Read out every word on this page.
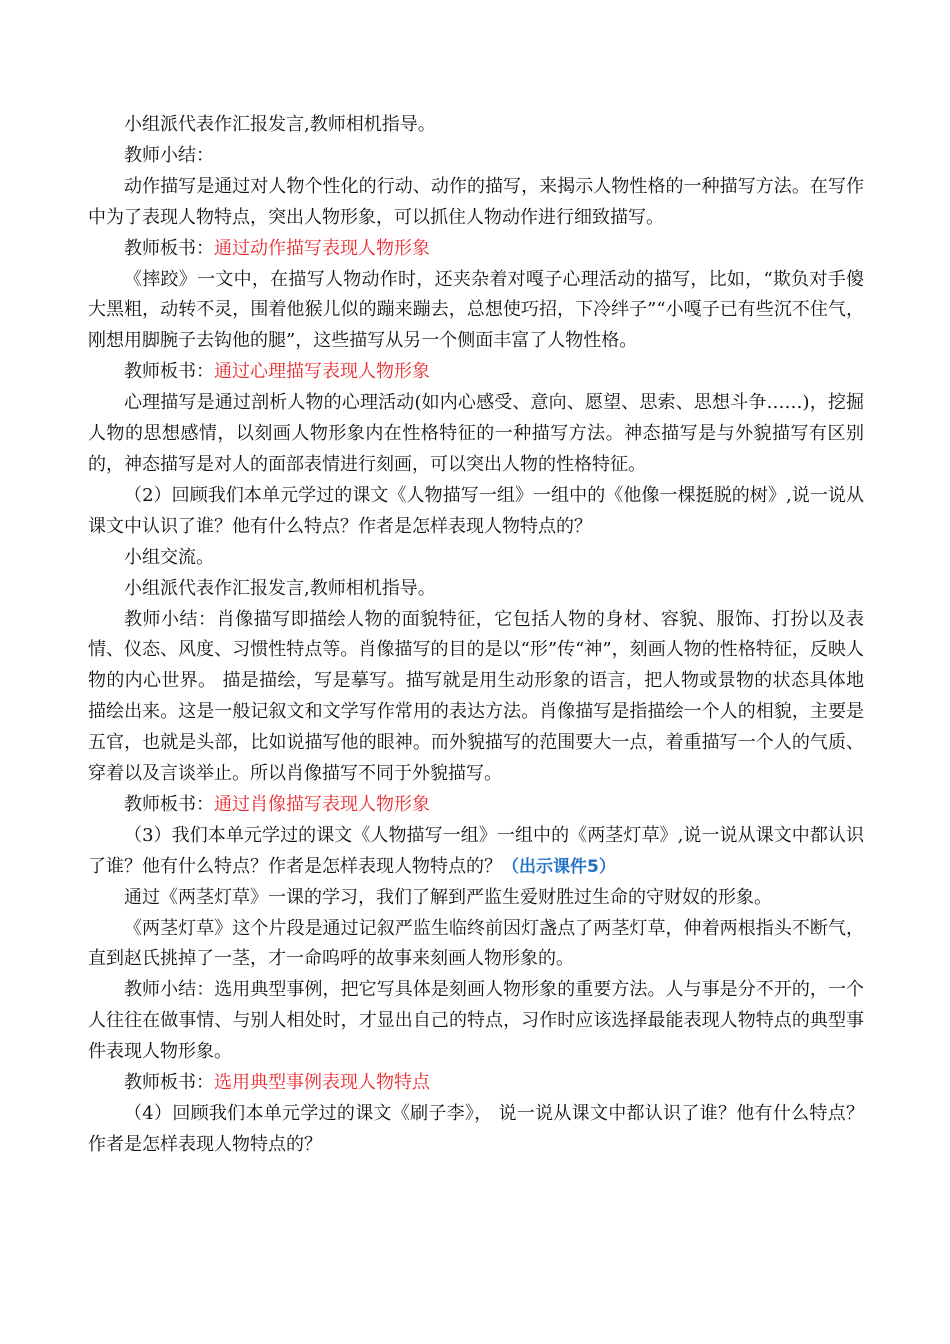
小组派代表作汇报发言,教师相机指导。

教师小结：

动作描写是通过对人物个性化的行动、动作的描写，来揭示人物性格的一种描写方法。在写作中为了表现人物特点，突出人物形象，可以抓住人物动作进行细致描写。

教师板书：通过动作描写表现人物形象

《摔跤》一文中，在描写人物动作时，还夹杂着对嘎子心理活动的描写，比如，“欺负对手傻大黑粗，动转不灵，围着他猴儿似的蹦来蹦去，总想使巧招，下冷绊子”“小嘎子已有些沉不住气，刚想用脚腕子去钩他的腿”，这些描写从另一个侧面丰富了人物性格。

教师板书：通过心理描写表现人物形象

心理描写是通过剖析人物的心理活动(如内心感受、意向、愿望、思索、思想斗争……)，挖掘人物的思想感情，以刻画人物形象内在性格特征的一种描写方法。神态描写是与外貌描写有区别的，神态描写是对人的面部表情进行刻画，可以突出人物的性格特征。

（2）回顾我们本单元学过的课文《人物描写一组》一组中的《他像一棵挺脱的树》,说一说从课文中认识了谁？他有什么特点？作者是怎样表现人物特点的？

小组交流。

小组派代表作汇报发言,教师相机指导。

教师小结：肖像描写即描绘人物的面貌特征，它包括人物的身材、容貌、服饰、打扮以及表情、仪态、风度、习惯性特点等。肖像描写的目的是以“形”传“神”，刻画人物的性格特征，反映人物的内心世界。 描是描绘，写是摹写。描写就是用生动形象的语言，把人物或景物的状态具体地描绘出来。这是一般记叙文和文学写作常用的表达方法。肖像描写是指描绘一个人的相貌，主要是五官，也就是头部，比如说描写他的眼神。而外貌描写的范围要大一点，着重描写一个人的气质、穿着以及言谈举止。所以肖像描写不同于外貌描写。

教师板书：通过肖像描写表现人物形象

（3）我们本单元学过的课文《人物描写一组》一组中的《两茎灯草》,说一说从课文中都认识了谁？他有什么特点？作者是怎样表现人物特点的？（出示课件5）

通过《两茎灯草》一课的学习，我们了解到严监生爱财胜过生命的守财奴的形象。

《两茎灯草》这个片段是通过记叙严监生临终前因灯盏点了两茎灯草，伸着两根指头不断气，直到赵氏挑掉了一茎，才一命呜呼的故事来刻画人物形象的。

教师小结：选用典型事例，把它写具体是刻画人物形象的重要方法。人与事是分不开的，一个人往往在做事情、与别人相处时，才显出自己的特点，习作时应该选择最能表现人物特点的典型事件表现人物形象。

教师板书：选用典型事例表现人物特点

（4）回顾我们本单元学过的课文《刷子李》， 说一说从课文中都认识了谁？他有什么特点？作者是怎样表现人物特点的？
